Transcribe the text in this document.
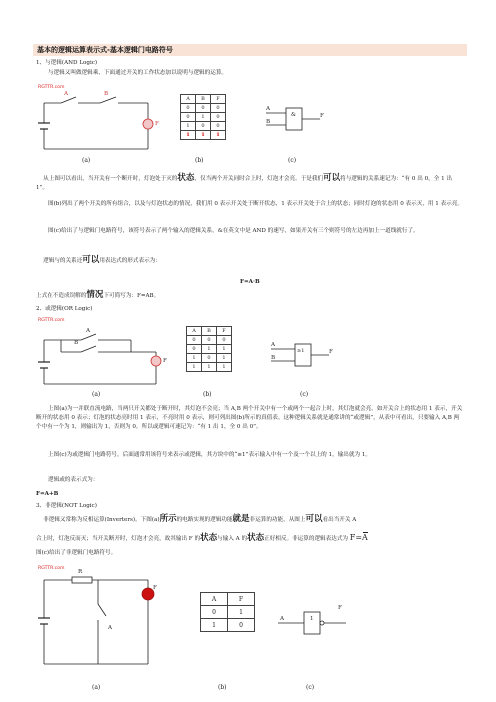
基本的逻辑运算表示式-基本逻辑门电路符号
1、与逻辑(AND Logic)
与逻辑又叫做逻辑乘，下面通过开关的工作状态加以说明与逻辑的运算。
RGTTR.com
A	B
F
(a)
A	B	F
0	0	0
0	1	0
1	0	0
1	1	1
(b)
A
B
&	F
(c)
从上图可以看出，当开关有一个断开时，灯泡处于灭的状态，仅当两个开关同时合上时，灯泡才会亮。于是我们可以将与逻辑的关系速记为：“有 0 出 0，全 1 出 1”。
图(b)列出了两个开关的所有组合，以及与灯泡状态的情况，我们用 0 表示开关处于断开状态，1 表示开关处于合上的状态；同时灯泡的状态用 0 表示灭，用 1 表示亮。
图(c)给出了与逻辑门电路符号，该符号表示了两个输入的逻辑关系，&在英文中是 AND 的速写，如果开关有三个则符号的左边再加上一道线就行了。
逻辑与的关系还可以用表达式的形式表示为：
F=A·B
上式在不造成误解的情况下可简写为：F=AB。
2、或逻辑(OR Logic)
RGTTR.com
A
B
F
(a)
A	B	F
0	0	0
0	1	1
1	0	1
1	1	1
(b)
A
B
≥1	F
(c)
上图(a)为一并联直流电路，当两只开关都处于断开时，其灯泡不会亮；当 A,B 两个开关中有一个或两个一起合上时，其灯泡就会亮。如开关合上的状态用 1 表示，开关断开的状态用 0 表示；灯泡的状态亮时用 1 表示，不亮时用 0 表示，则可列出图(b)所示的真值表。这种逻辑关系就是通常讲的“或逻辑”，从表中可看出，只要输入 A,B 两个中有一个为 1，则输出为 1，否则为 0。所以或逻辑可速记为：“有 1 出 1，全 0 出 0”。
上图(c)为或逻辑门电路符号，后面通常用该符号来表示或逻辑，其方块中的“≥1”表示输入中有一个及一个以上的 1，输出就为 1。
逻辑或的表示式为：
F=A+B
3、非逻辑(NOT Logic)
非逻辑又常称为反相运算(Inverters)。下图(a)所示的电路实现的逻辑功能就是非运算的功能，从图上可以看出当开关 A
合上时，灯泡反而灭；当开关断开时，灯泡才会亮，故其输出 F 的状态与输入 A 的状态正好相反。非运算的逻辑表达式为 F=A
图(c)给出了非逻辑门电路符号。
RGTTR.com
R
A
F
(a)
A	F
0	1
1	0
(b)
A	1
F
(c)
